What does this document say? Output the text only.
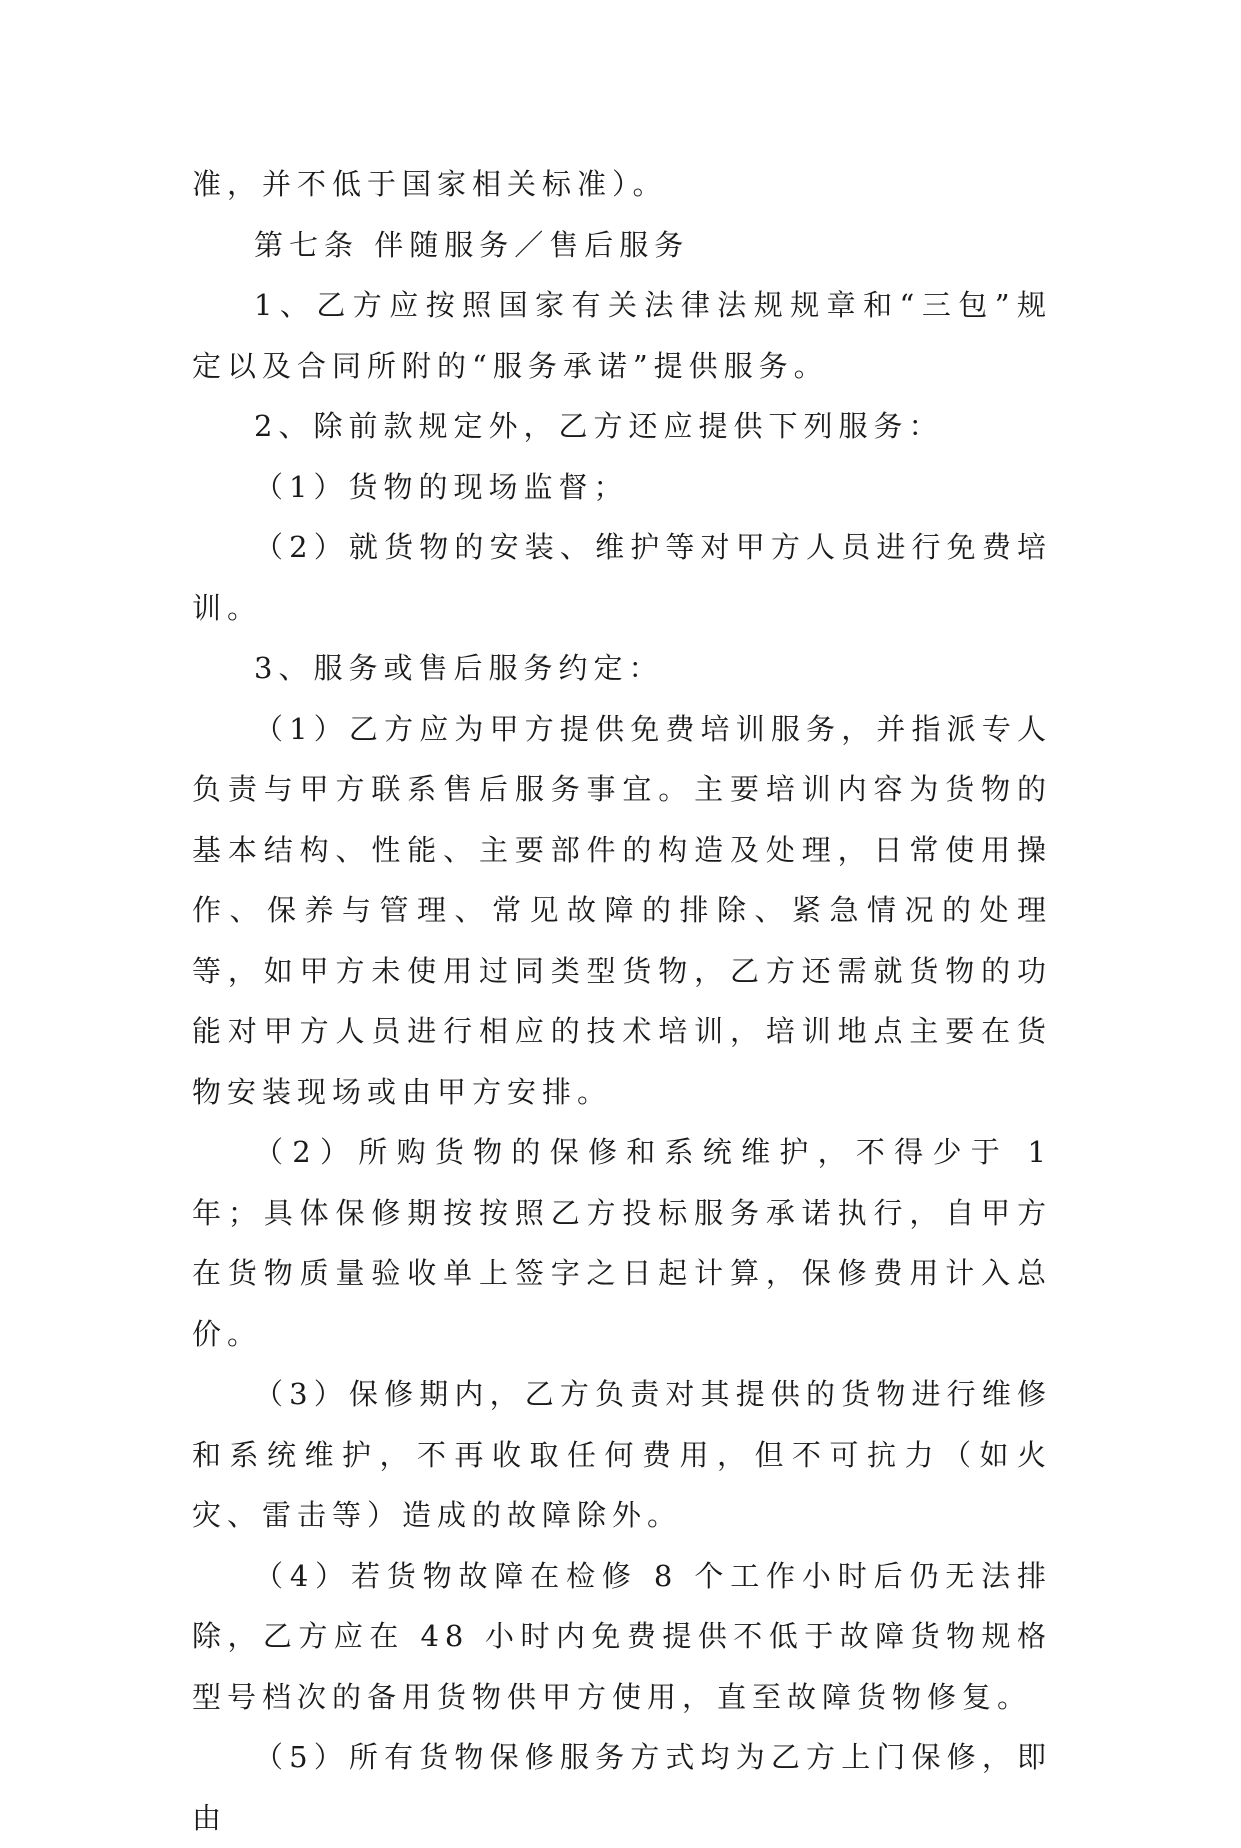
准，并不低于国家相关标准）。

第七条 伴随服务／售后服务

1、乙方应按照国家有关法律法规规章和“三包”规定以及合同所附的“服务承诺”提供服务。

2、除前款规定外，乙方还应提供下列服务：

（1）货物的现场监督；

（2）就货物的安装、维护等对甲方人员进行免费培训。

3、服务或售后服务约定：

（1）乙方应为甲方提供免费培训服务，并指派专人负责与甲方联系售后服务事宜。主要培训内容为货物的基本结构、性能、主要部件的构造及处理，日常使用操作、保养与管理、常见故障的排除、紧急情况的处理等，如甲方未使用过同类型货物，乙方还需就货物的功能对甲方人员进行相应的技术培训，培训地点主要在货物安装现场或由甲方安排。

（2）所购货物的保修和系统维护，不得少于 1 年；具体保修期按按照乙方投标服务承诺执行，自甲方在货物质量验收单上签字之日起计算，保修费用计入总价。

（3）保修期内，乙方负责对其提供的货物进行维修和系统维护，不再收取任何费用，但不可抗力（如火灾、雷击等）造成的故障除外。

（4）若货物故障在检修 8 个工作小时后仍无法排除，乙方应在 48 小时内免费提供不低于故障货物规格型号档次的备用货物供甲方使用，直至故障货物修复。

（5）所有货物保修服务方式均为乙方上门保修，即由
